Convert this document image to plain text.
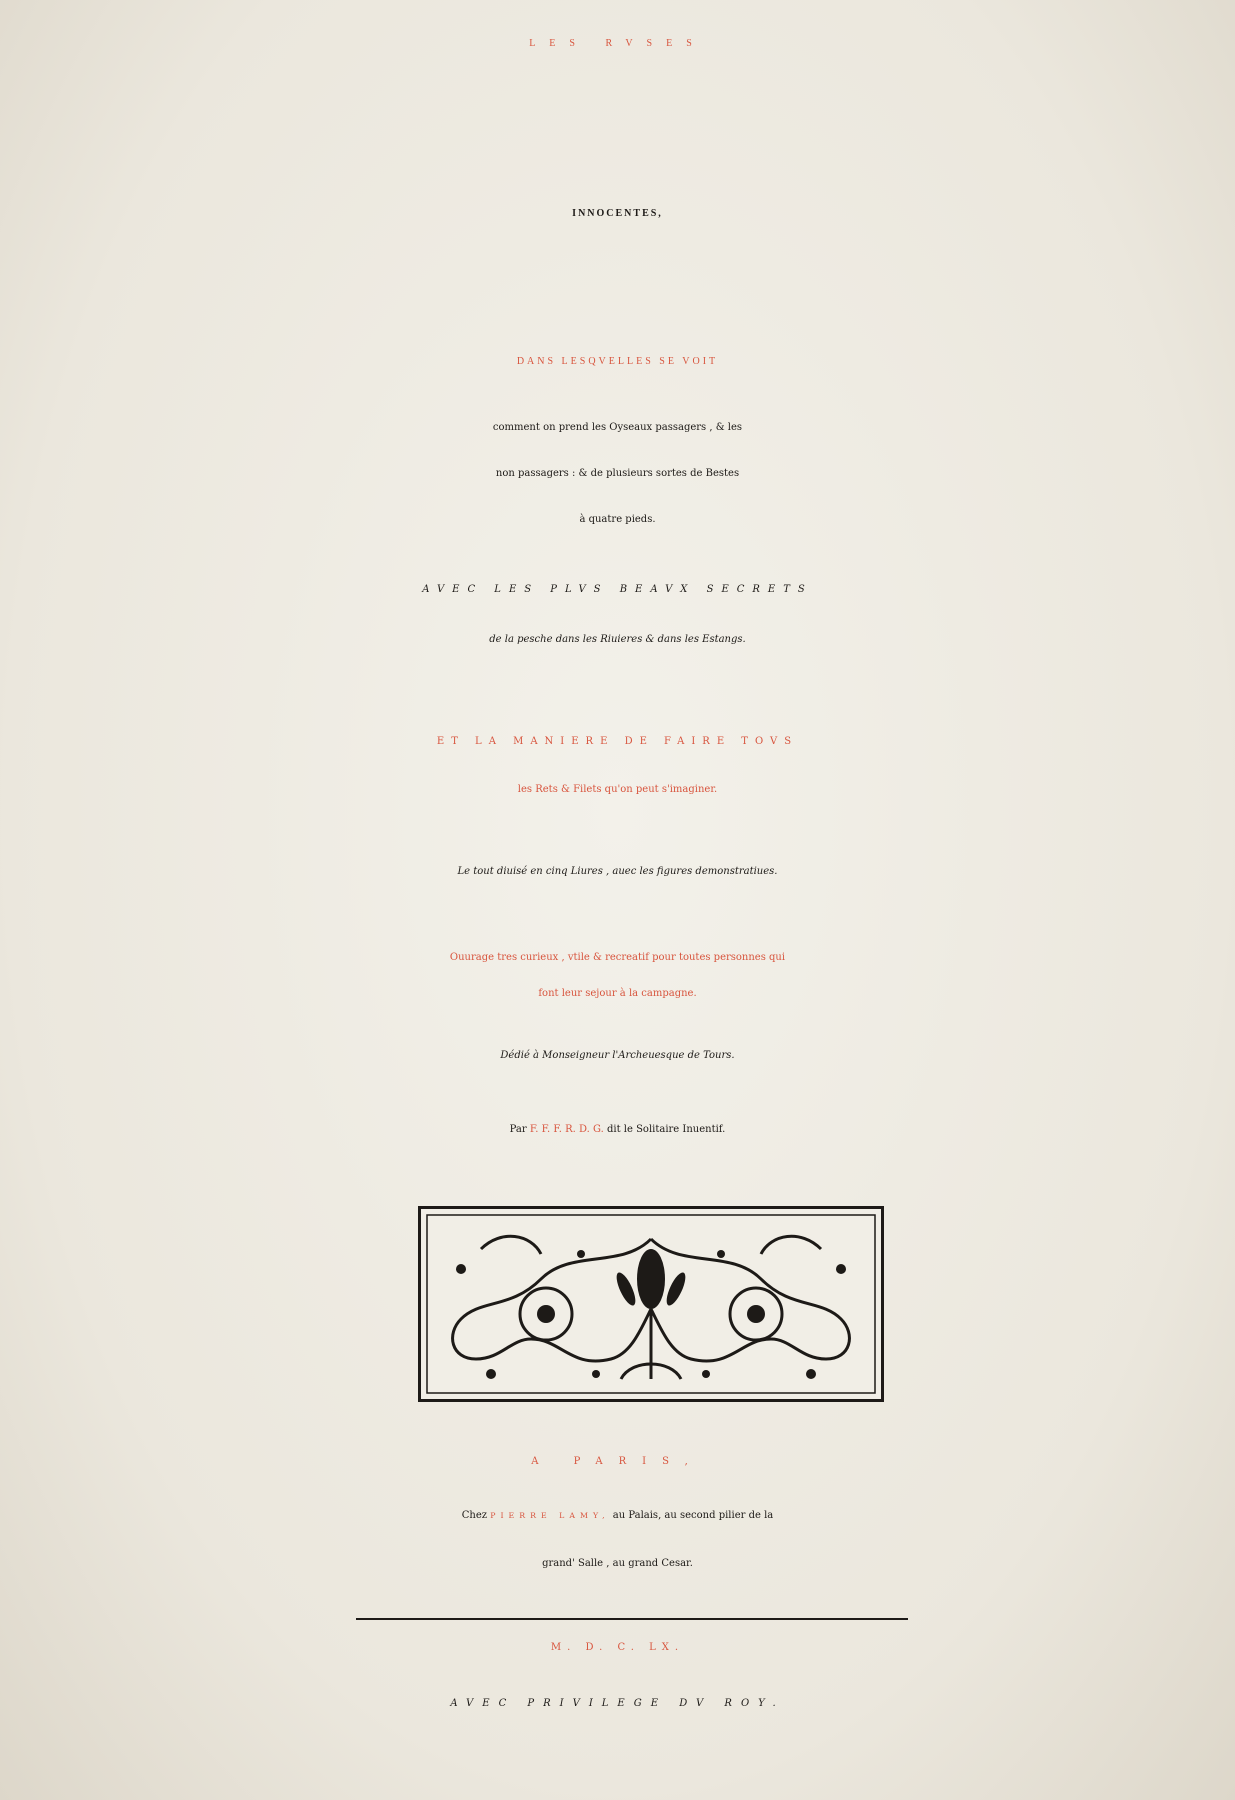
LES RVSES
INNOCENTES,
DANS LESQVELLES SE VOIT
comment on prend les Oyseaux passagers , & les
non passagers : & de plusieurs sortes de Bestes
à quatre pieds.
AVEC LES PLVS BEAVX SECRETS
de la pesche dans les Riuieres & dans les Estangs.
ET LA MANIERE DE FAIRE TOVS
les Rets & Filets qu'on peut s'imaginer.
Le tout diuisé en cinq Liures , auec les figures demonstratiues.
Ouurage tres curieux , vtile & recreatif pour toutes personnes qui
font leur sejour à la campagne.
Dédié à Monseigneur l'Archeuesque de Tours.
Par F. F. F. R. D. G. dit le Solitaire Inuentif.
A PARIS,
Chez PIERRE LAMY, au Palais, au second pilier de la
grand' Salle , au grand Cesar.
M. D. C. LX.
AVEC PRIVILEGE DV ROY.
